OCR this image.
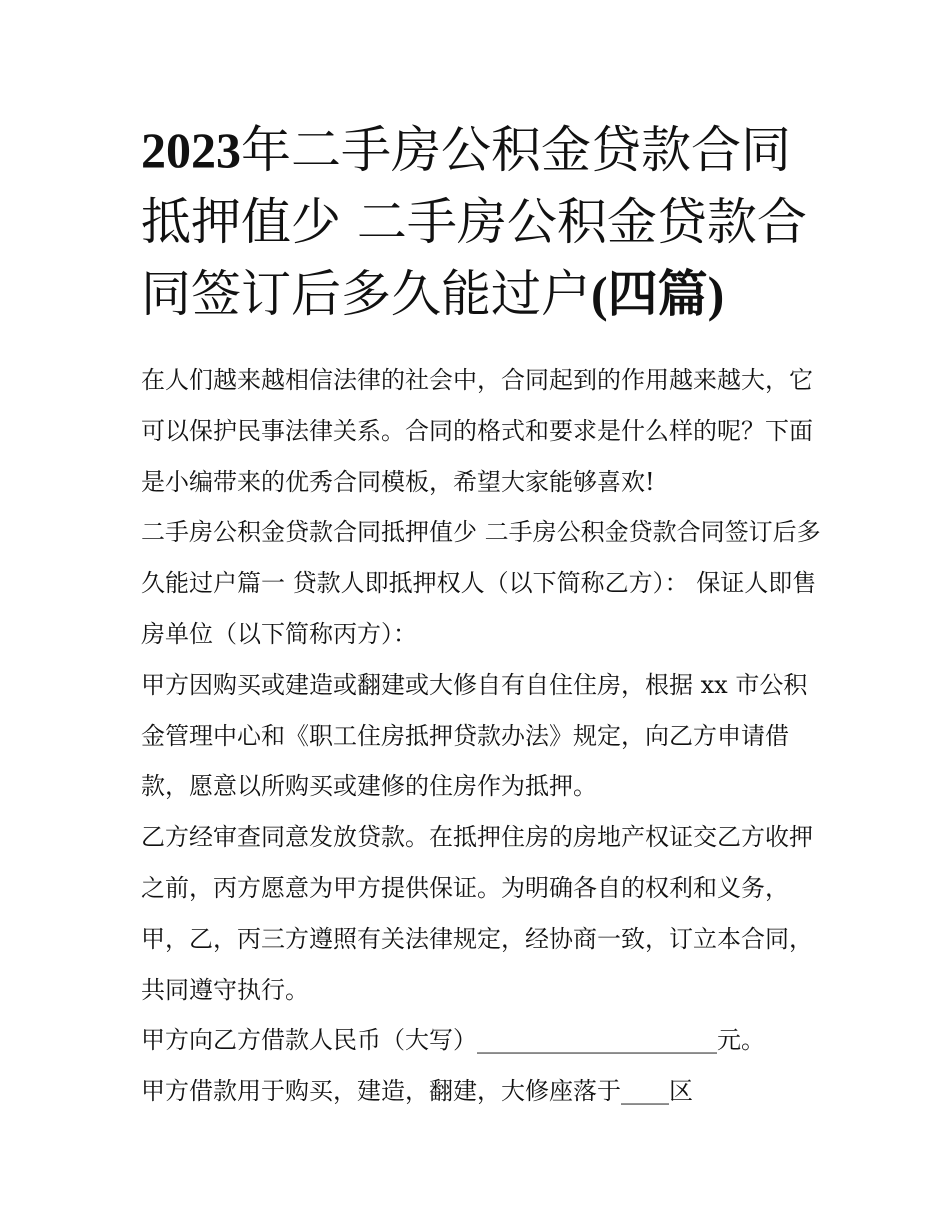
2023年二手房公积金贷款合同抵押值少 二手房公积金贷款合同签订后多久能过户(四篇)

在人们越来越相信法律的社会中，合同起到的作用越来越大，它可以保护民事法律关系。合同的格式和要求是什么样的呢？下面是小编带来的优秀合同模板，希望大家能够喜欢!

二手房公积金贷款合同抵押值少 二手房公积金贷款合同签订后多久能过户篇一 贷款人即抵押权人（以下简称乙方）： 保证人即售房单位（以下简称丙方）：

甲方因购买或建造或翻建或大修自有自住住房，根据 xx 市公积金管理中心和《职工住房抵押贷款办法》规定，向乙方申请借款，愿意以所购买或建修的住房作为抵押。

乙方经审查同意发放贷款。在抵押住房的房地产权证交乙方收押之前，丙方愿意为甲方提供保证。为明确各自的权利和义务，甲，乙，丙三方遵照有关法律规定，经协商一致，订立本合同，共同遵守执行。

甲方向乙方借款人民币（大写）____________________元。

甲方借款用于购买，建造，翻建，大修座落于____区
